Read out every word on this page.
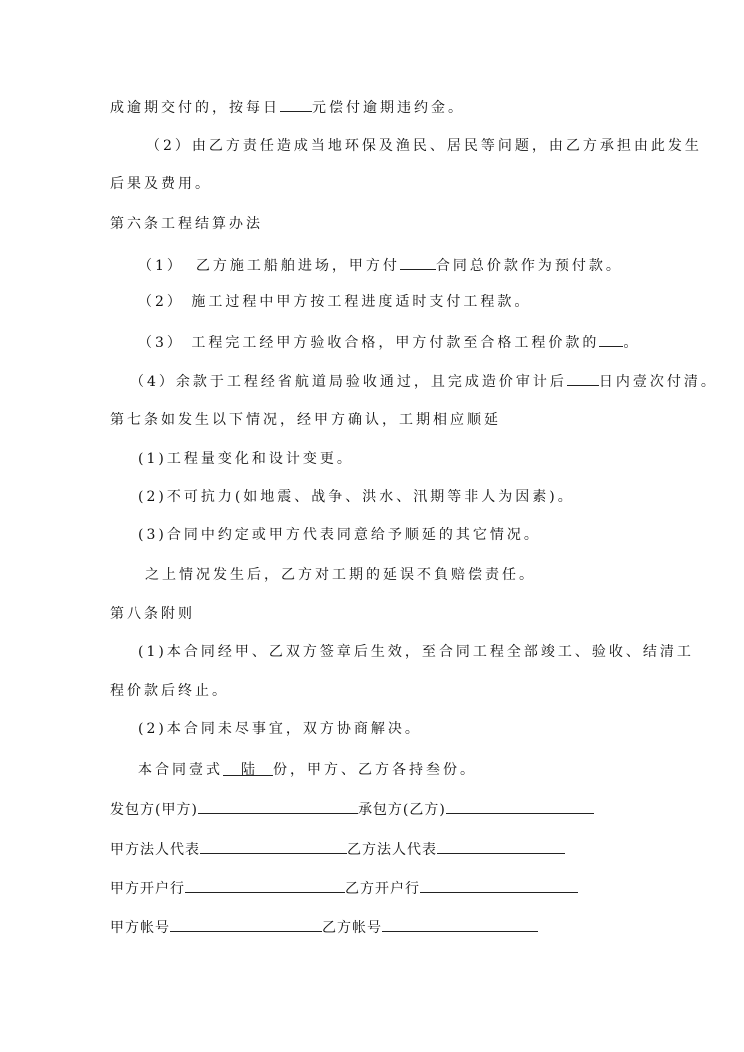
成逾期交付的，按每日 元偿付逾期违约金。
（2）由乙方责任造成当地环保及渔民、居民等问题，由乙方承担由此发生
后果及费用。
第六条工程结算办法
（1） 乙方施工船舶进场，甲方付	合同总价款作为预付款。
（2） 施工过程中甲方按工程进度适时支付工程款。
（3） 工程完工经甲方验收合格，甲方付款至合格工程价款的 。
（4）余款于工程经省航道局验收通过，且完成造价审计后 日内壹次付清。
第七条如发生以下情况，经甲方确认，工期相应顺延
(1)工程量变化和设计变更。
(2)不可抗力(如地震、战争、洪水、汛期等非人为因素)。
(3)合同中约定或甲方代表同意给予顺延的其它情况。
之上情况发生后，乙方对工期的延误不負赔偿责任。
第八条附则
(1)本合同经甲、乙双方签章后生效，至合同工程全部竣工、验收、结清工
程价款后终止。
(2)本合同未尽事宜，双方协商解决。
本合同壹式 陆 份，甲方、乙方各持叁份。
发包方(甲方)	承包方(乙方)
甲方法人代表	乙方法人代表
甲方开户行	乙方开户行
甲方帐号	乙方帐号
